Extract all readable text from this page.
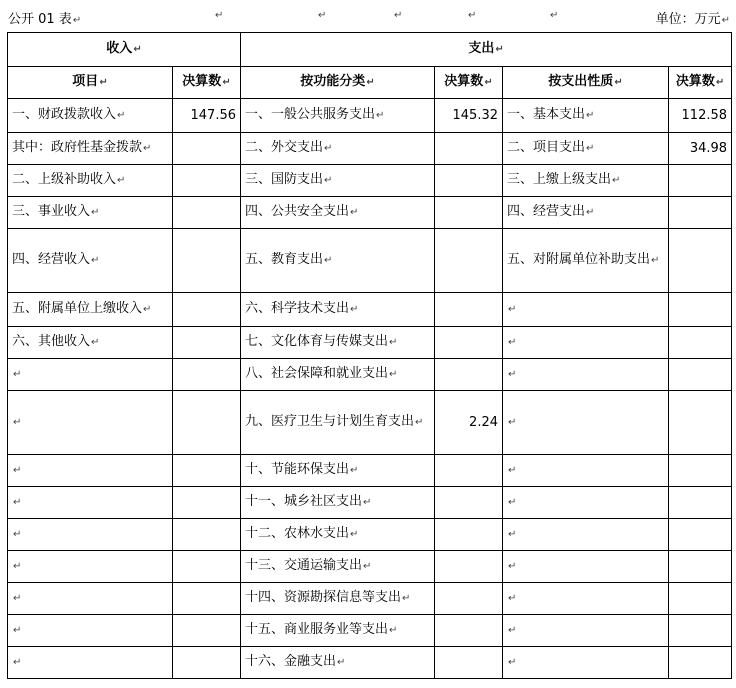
公开 01 表↵	↵	↵	↵	↵	↵	单位：万元↵
收入↵		支出↵			
项目↵	决算数↵	按功能分类↵	决算数↵	按支出性质↵	决算数↵
一、财政拨款收入↵	147.56	一、一般公共服务支出↵	145.32	一、基本支出↵	112.58
其中：政府性基金拨款↵		二、外交支出↵		二、项目支出↵	34.98
二、上级补助收入↵		三、国防支出↵		三、上缴上级支出↵	
三、事业收入↵		四、公共安全支出↵		四、经营支出↵	
四、经营收入↵		五、教育支出↵		五、对附属单位补助支出↵	
五、附属单位上缴收入↵		六、科学技术支出↵		↵	
六、其他收入↵		七、文化体育与传媒支出↵		↵	
↵		八、社会保障和就业支出↵		↵	
↵		九、医疗卫生与计划生育支出↵	2.24	↵	
↵		十、节能环保支出↵		↵	
↵		十一、城乡社区支出↵		↵	
↵		十二、农林水支出↵		↵	
↵		十三、交通运输支出↵		↵	
↵		十四、资源勘探信息等支出↵		↵	
↵		十五、商业服务业等支出↵		↵	
↵		十六、金融支出↵		↵	
